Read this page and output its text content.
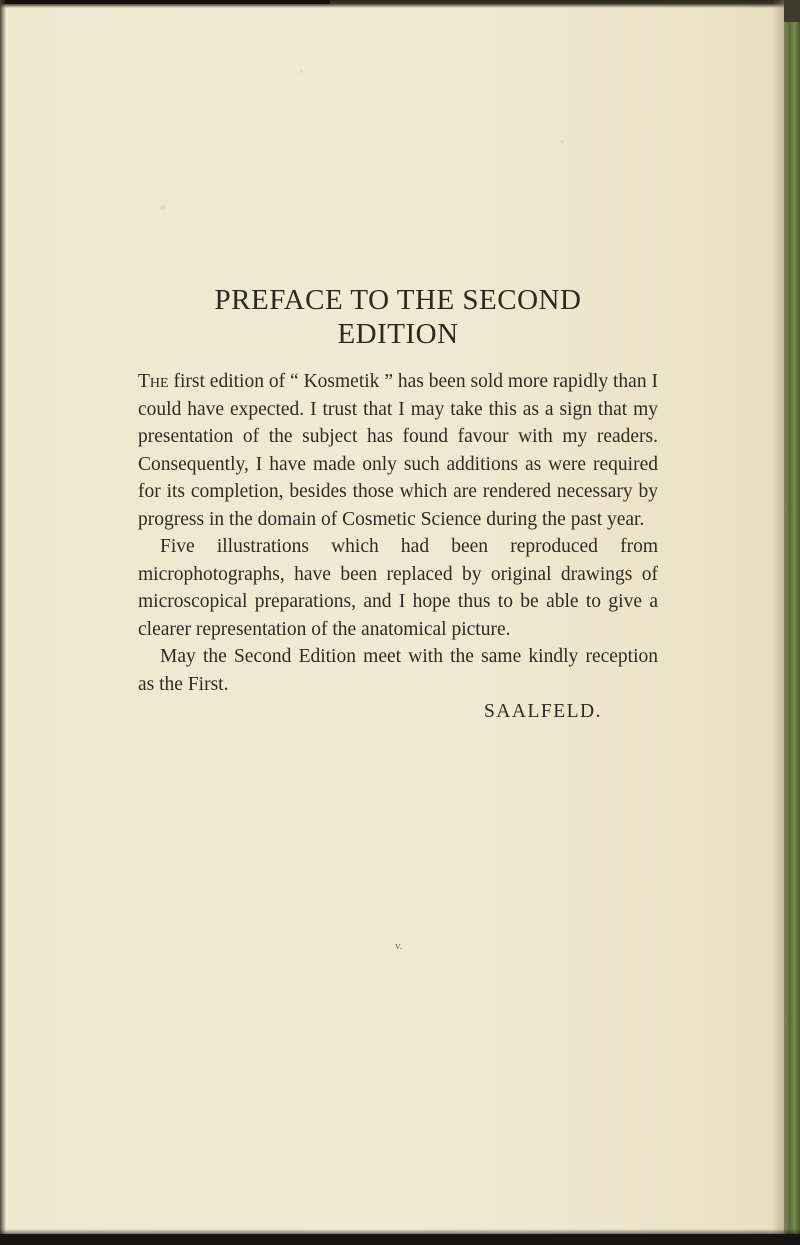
PREFACE TO THE SECOND
EDITION

The first edition of “ Kosmetik ” has been sold more rapidly than I could have expected. I trust that I may take this as a sign that my presentation of the subject has found favour with my readers. Consequently, I have made only such additions as were required for its completion, besides those which are rendered necessary by progress in the domain of Cosmetic Science during the past year.

Five illustrations which had been reproduced from microphotographs, have been replaced by original drawings of microscopical preparations, and I hope thus to be able to give a clearer representation of the anatomical picture.

May the Second Edition meet with the same kindly reception as the First.

SAALFELD.

v.
